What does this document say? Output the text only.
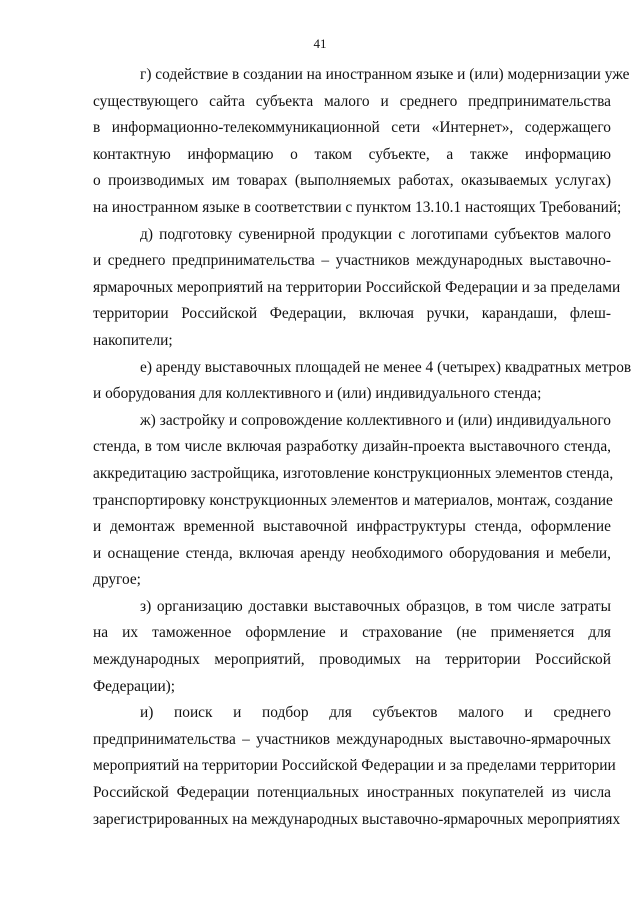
41

г) содействие в создании на иностранном языке и (или) модернизации уже
существующего сайта субъекта малого и среднего предпринимательства
в информационно-телекоммуникационной сети «Интернет», содержащего
контактную информацию о таком субъекте, а также информацию
о производимых им товарах (выполняемых работах, оказываемых услугах)
на иностранном языке в соответствии с пунктом 13.10.1 настоящих Требований;

д) подготовку сувенирной продукции с логотипами субъектов малого
и среднего предпринимательства – участников международных выставочно-
ярмарочных мероприятий на территории Российской Федерации и за пределами
территории Российской Федерации, включая ручки, карандаши, флеш-
накопители;

е) аренду выставочных площадей не менее 4 (четырех) квадратных метров
и оборудования для коллективного и (или) индивидуального стенда;

ж) застройку и сопровождение коллективного и (или) индивидуального
стенда, в том числе включая разработку дизайн-проекта выставочного стенда,
аккредитацию застройщика, изготовление конструкционных элементов стенда,
транспортировку конструкционных элементов и материалов, монтаж, создание
и демонтаж временной выставочной инфраструктуры стенда, оформление
и оснащение стенда, включая аренду необходимого оборудования и мебели,
другое;

з) организацию доставки выставочных образцов, в том числе затраты
на их таможенное оформление и страхование (не применяется для
международных мероприятий, проводимых на территории Российской
Федерации);

и) поиск и подбор для субъектов малого и среднего
предпринимательства – участников международных выставочно-ярмарочных
мероприятий на территории Российской Федерации и за пределами территории
Российской Федерации потенциальных иностранных покупателей из числа
зарегистрированных на международных выставочно-ярмарочных мероприятиях
